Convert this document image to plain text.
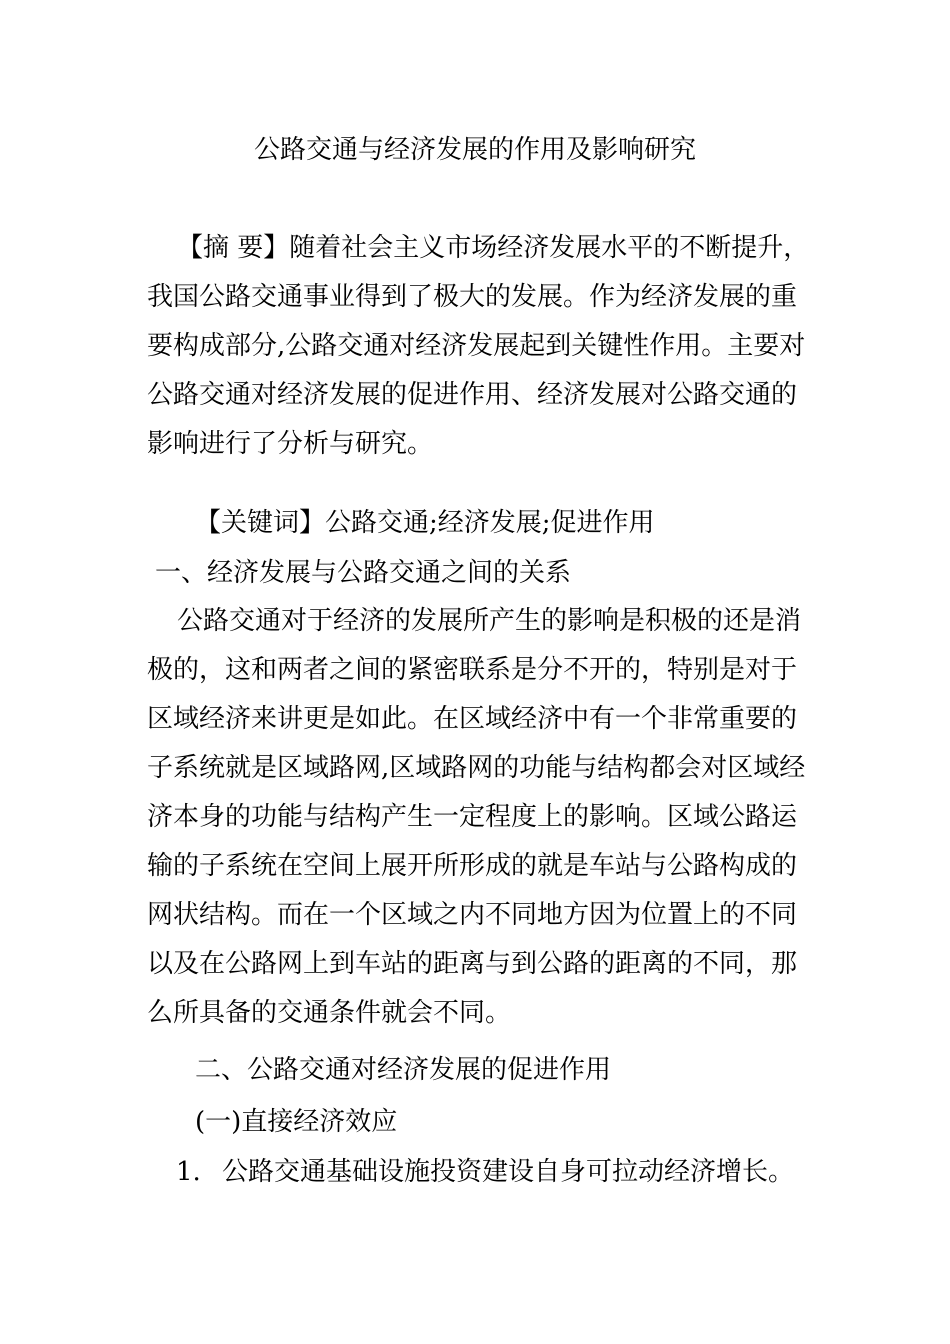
公路交通与经济发展的作用及影响研究
【摘 要】随着社会主义市场经济发展水平的不断提升，
我国公路交通事业得到了极大的发展。作为经济发展的重
要构成部分,公路交通对经济发展起到关键性作用。主要对
公路交通对经济发展的促进作用、经济发展对公路交通的
影响进行了分析与研究。
【关键词】公路交通;经济发展;促进作用
一、经济发展与公路交通之间的关系
公路交通对于经济的发展所产生的影响是积极的还是消
极的，这和两者之间的紧密联系是分不开的，特别是对于
区域经济来讲更是如此。在区域经济中有一个非常重要的
子系统就是区域路网,区域路网的功能与结构都会对区域经
济本身的功能与结构产生一定程度上的影响。区域公路运
输的子系统在空间上展开所形成的就是车站与公路构成的
网状结构。而在一个区域之内不同地方因为位置上的不同
以及在公路网上到车站的距离与到公路的距离的不同，那
么所具备的交通条件就会不同。
二、公路交通对经济发展的促进作用
(一)直接经济效应
1. 公路交通基础设施投资建设自身可拉动经济增长。
